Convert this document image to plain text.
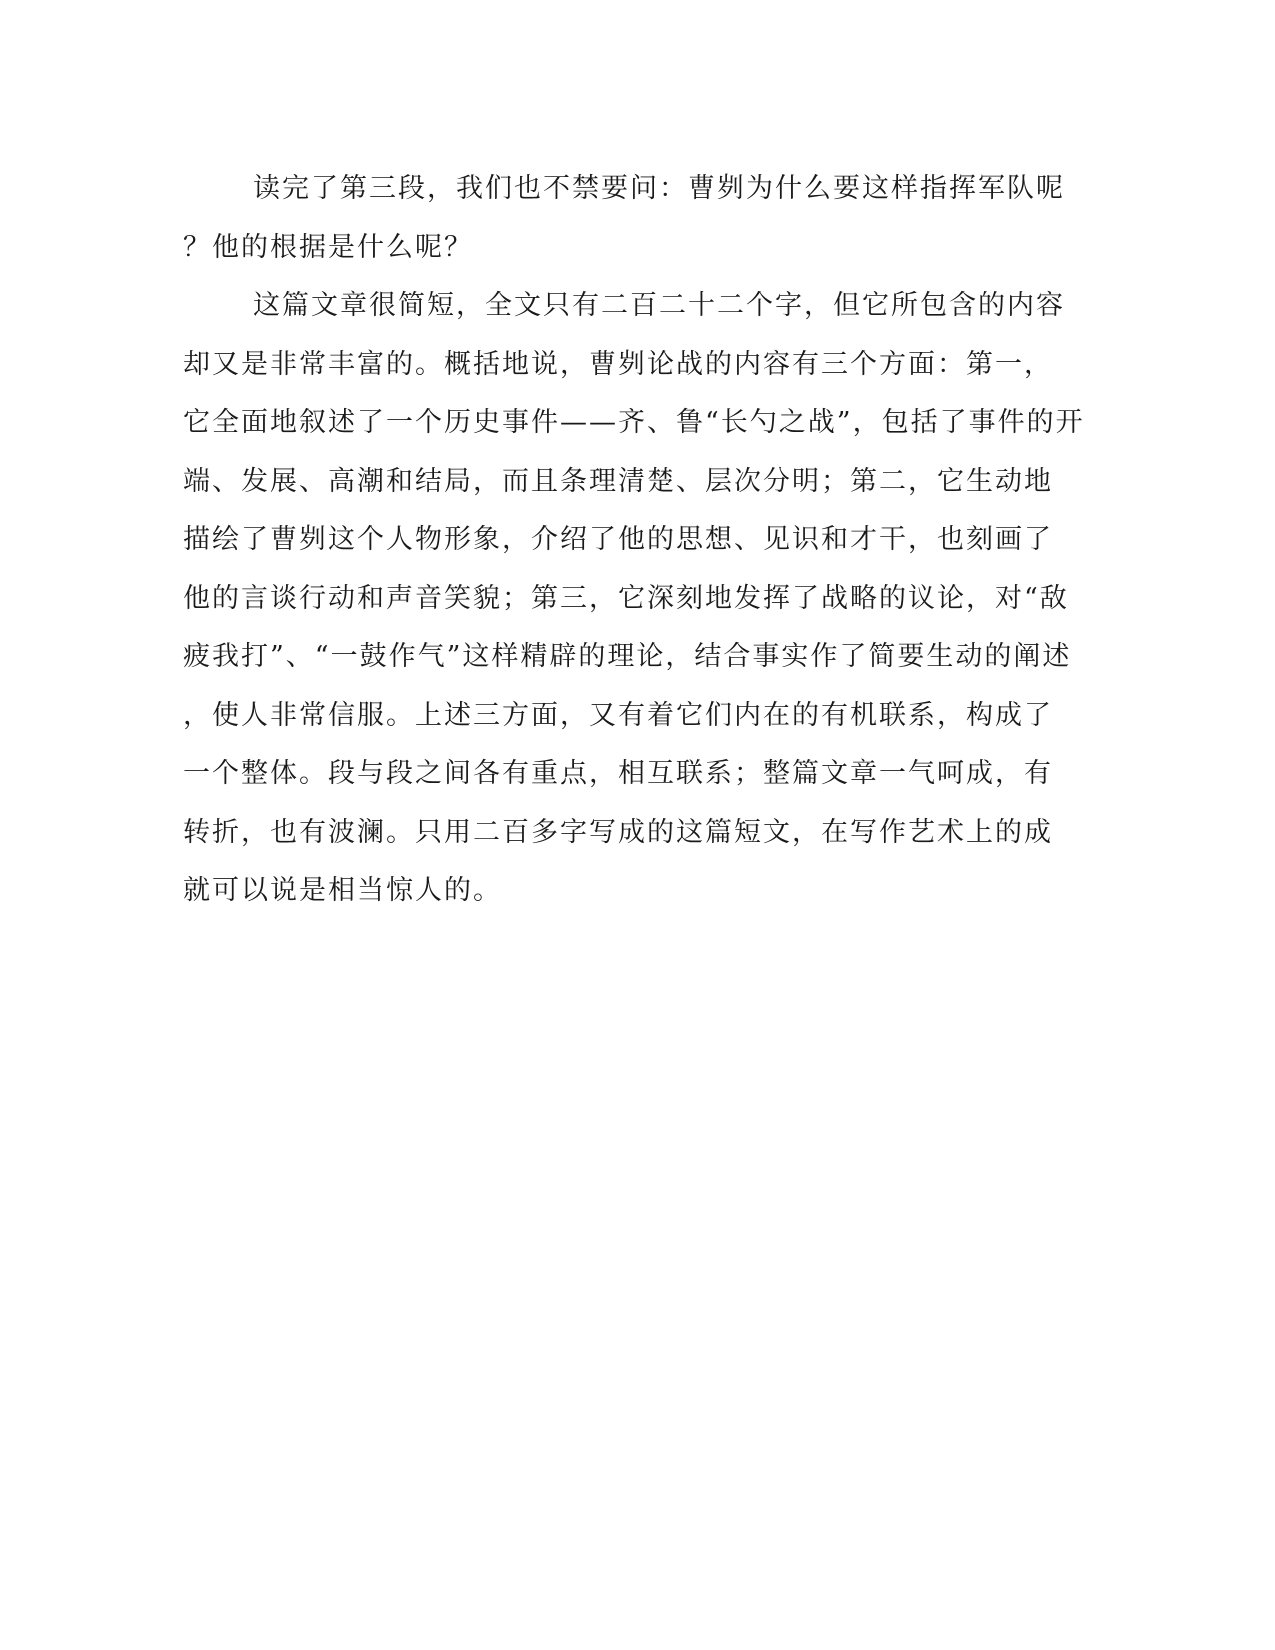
读完了第三段，我们也不禁要问：曹刿为什么要这样指挥军队呢
？他的根据是什么呢？
这篇文章很简短，全文只有二百二十二个字，但它所包含的内容
却又是非常丰富的。概括地说，曹刿论战的内容有三个方面：第一，
它全面地叙述了一个历史事件——齐、鲁“长勺之战”，包括了事件的开
端、发展、高潮和结局，而且条理清楚、层次分明；第二，它生动地
描绘了曹刿这个人物形象，介绍了他的思想、见识和才干，也刻画了
他的言谈行动和声音笑貌；第三，它深刻地发挥了战略的议论，对“敌
疲我打”、“一鼓作气”这样精辟的理论，结合事实作了简要生动的阐述
，使人非常信服。上述三方面，又有着它们内在的有机联系，构成了
一个整体。段与段之间各有重点，相互联系；整篇文章一气呵成，有
转折，也有波澜。只用二百多字写成的这篇短文，在写作艺术上的成
就可以说是相当惊人的。
